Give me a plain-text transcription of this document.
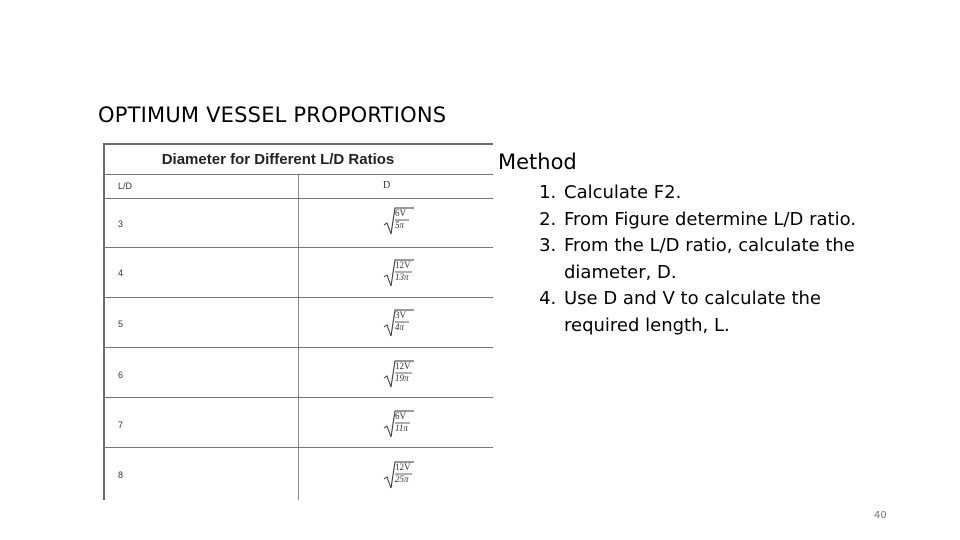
OPTIMUM VESSEL PROPORTIONS
Diameter for Different L/D Ratios
L/D	D
3
6V
5π
4
12V
13π
5
3V
4π
6
12V
19π
7
6V
11π
8
12V
25π
Method
1. Calculate F2.
2. From Figure determine L/D ratio.
3. From the L/D ratio, calculate the diameter, D.
4. Use D and V to calculate the required length, L.
40
